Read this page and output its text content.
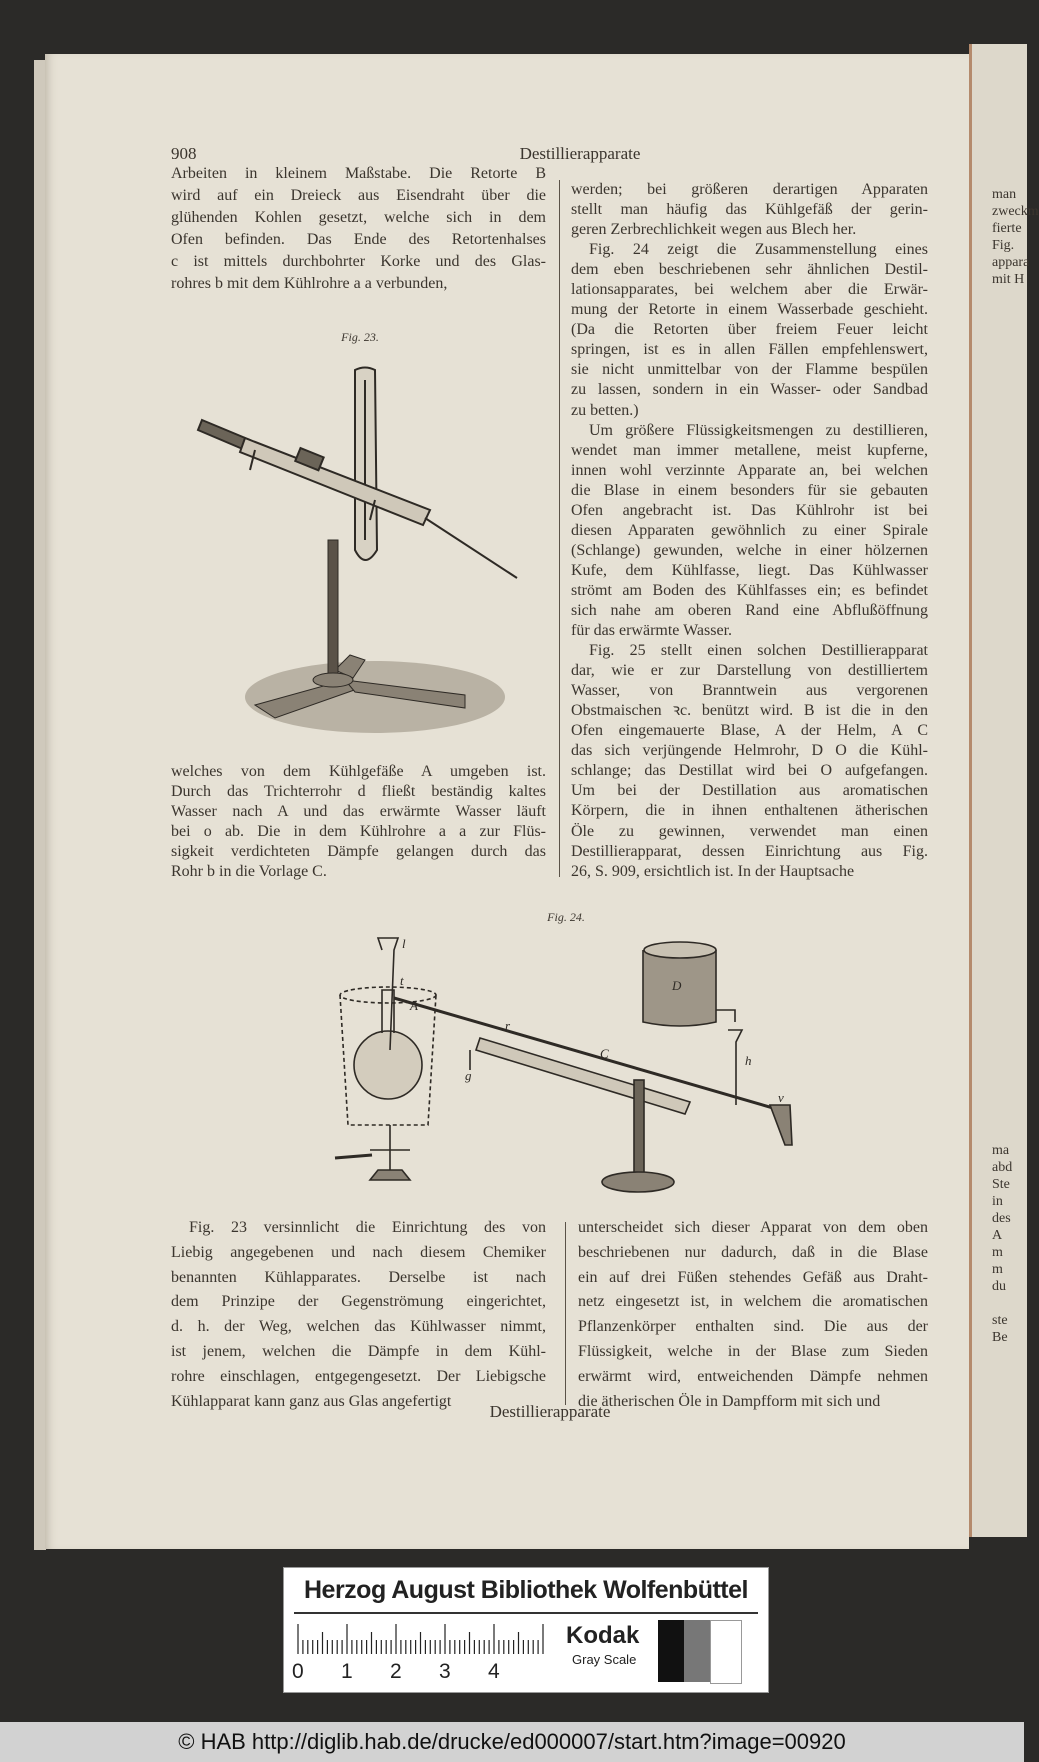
man
zweckm
fierte
Fig.
appara
mit H
ma
abd
Ste
in
des
A
m
m
du
ste
Be
908	Destillierapparate
Arbeiten in kleinem Maßstabe. Die Retorte B
wird auf ein Dreieck aus Eisendraht über die
glühenden Kohlen gesetzt, welche sich in dem
Ofen befinden. Das Ende des Retortenhalses
c ist mittels durchbohrter Korke und des Glas-
rohres b mit dem Kühlrohre a a verbunden,
Fig. 23.
welches von dem Kühlgefäße A umgeben ist.
Durch das Trichterrohr d fließt beständig kaltes
Wasser nach A und das erwärmte Wasser läuft
bei o ab. Die in dem Kühlrohre a a zur Flüs-
sigkeit verdichteten Dämpfe gelangen durch das
Rohr b in die Vorlage C.
werden; bei größeren derartigen Apparaten
stellt man häufig das Kühlgefäß der gerin-
geren Zerbrechlichkeit wegen aus Blech her.
Fig. 24 zeigt die Zusammenstellung eines
dem eben beschriebenen sehr ähnlichen Destil-
lationsapparates, bei welchem aber die Erwär-
mung der Retorte in einem Wasserbade geschieht.
(Da die Retorten über freiem Feuer leicht
springen, ist es in allen Fällen empfehlenswert,
sie nicht unmittelbar von der Flamme bespülen
zu lassen, sondern in ein Wasser- oder Sandbad
zu betten.)
Um größere Flüssigkeitsmengen zu destillieren,
wendet man immer metallene, meist kupferne,
innen wohl verzinnte Apparate an, bei welchen
die Blase in einem besonders für sie gebauten
Ofen angebracht ist. Das Kühlrohr ist bei
diesen Apparaten gewöhnlich zu einer Spirale
(Schlange) gewunden, welche in einer hölzernen
Kufe, dem Kühlfasse, liegt. Das Kühlwasser
strömt am Boden des Kühlfasses ein; es befindet
sich nahe am oberen Rand eine Abflußöffnung
für das erwärmte Wasser.
Fig. 25 stellt einen solchen Destillierapparat
dar, wie er zur Darstellung von destilliertem
Wasser, von Branntwein aus vergorenen
Obstmaischen ꝛc. benützt wird. B ist die in den
Ofen eingemauerte Blase, A der Helm, A C
das sich verjüngende Helmrohr, D O die Kühl-
schlange; das Destillat wird bei O aufgefangen.
Um bei der Destillation aus aromatischen
Körpern, die in ihnen enthaltenen ätherischen
Öle zu gewinnen, verwendet man einen
Destillierapparat, dessen Einrichtung aus Fig.
26, S. 909, ersichtlich ist. In der Hauptsache
Fig. 24.
l
t
A
r
g
C
D
h
v
Fig. 23 versinnlicht die Einrichtung des von
Liebig angegebenen und nach diesem Chemiker
benannten Kühlapparates. Derselbe ist nach
dem Prinzipe der Gegenströmung eingerichtet,
d. h. der Weg, welchen das Kühlwasser nimmt,
ist jenem, welchen die Dämpfe in dem Kühl-
rohre einschlagen, entgegengesetzt. Der Liebigsche
Kühlapparat kann ganz aus Glas angefertigt
unterscheidet sich dieser Apparat von dem oben
beschriebenen nur dadurch, daß in die Blase
ein auf drei Füßen stehendes Gefäß aus Draht-
netz eingesetzt ist, in welchem die aromatischen
Pflanzenkörper enthalten sind. Die aus der
Flüssigkeit, welche in der Blase zum Sieden
erwärmt wird, entweichenden Dämpfe nehmen
die ätherischen Öle in Dampfform mit sich und
Destillierapparate
Herzog August Bibliothek Wolfenbüttel
0 1 2 3 4
Kodak
Gray Scale
© HAB http://diglib.hab.de/drucke/ed000007/start.htm?image=00920
